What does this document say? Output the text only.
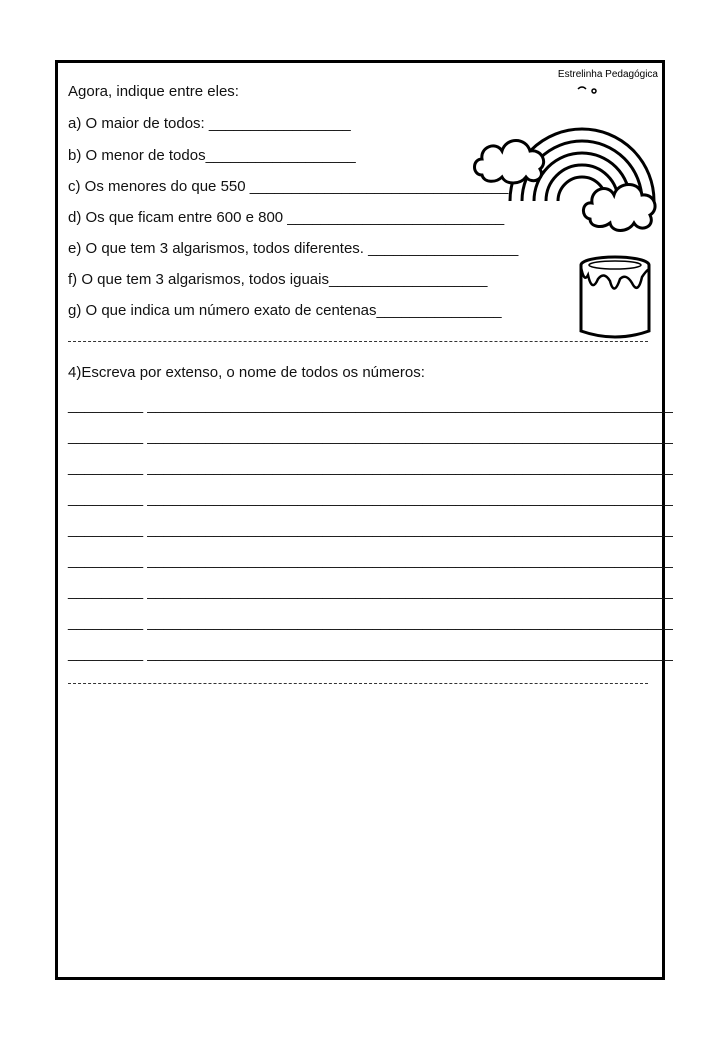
Estrelinha Pedagógica
Agora, indique entre eles:
a) O maior de todos: _________________
b) O menor de todos__________________
c) Os menores do que 550 _______________________________
d) Os que ficam entre 600 e 800 __________________________
e) O que tem 3 algarismos, todos diferentes. __________________
f) O que tem 3 algarismos, todos iguais___________________
g) O que indica um número exato de centenas_______________
4)Escreva por extenso, o nome de todos os números:
_________ _______________________________________________________________
_________ _______________________________________________________________
_________ _______________________________________________________________
_________ _______________________________________________________________
_________ _______________________________________________________________
_________ _______________________________________________________________
_________ _______________________________________________________________
_________ _______________________________________________________________
_________ _______________________________________________________________
